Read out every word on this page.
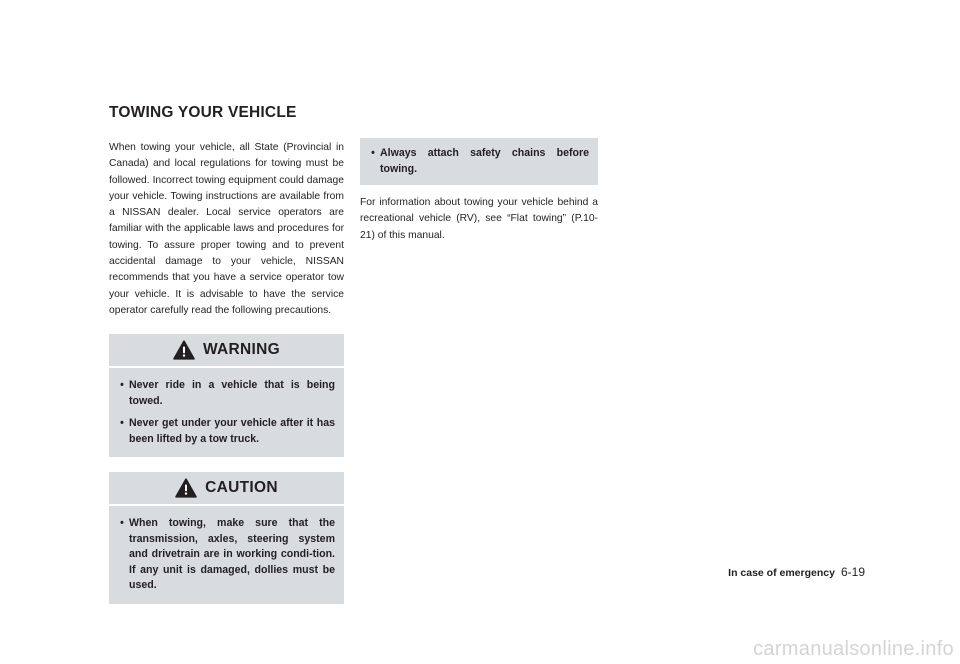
TOWING YOUR VEHICLE

When towing your vehicle, all State (Provincial in Canada) and local regulations for towing must be followed. Incorrect towing equipment could damage your vehicle. Towing instructions are available from a NISSAN dealer. Local service operators are familiar with the applicable laws and procedures for towing. To assure proper towing and to prevent accidental damage to your vehicle, NISSAN recommends that you have a service operator tow your vehicle. It is advisable to have the service operator carefully read the following precautions.

WARNING
• Never ride in a vehicle that is being towed.
• Never get under your vehicle after it has been lifted by a tow truck.
CAUTION
• When towing, make sure that the transmission, axles, steering system and drivetrain are in working condi-tion. If any unit is damaged, dollies must be used.
• Always attach safety chains before towing.

For information about towing your vehicle behind a recreational vehicle (RV), see “Flat towing” (P.10-21) of this manual.

In case of emergency 6-19
carmanualsonline.info
